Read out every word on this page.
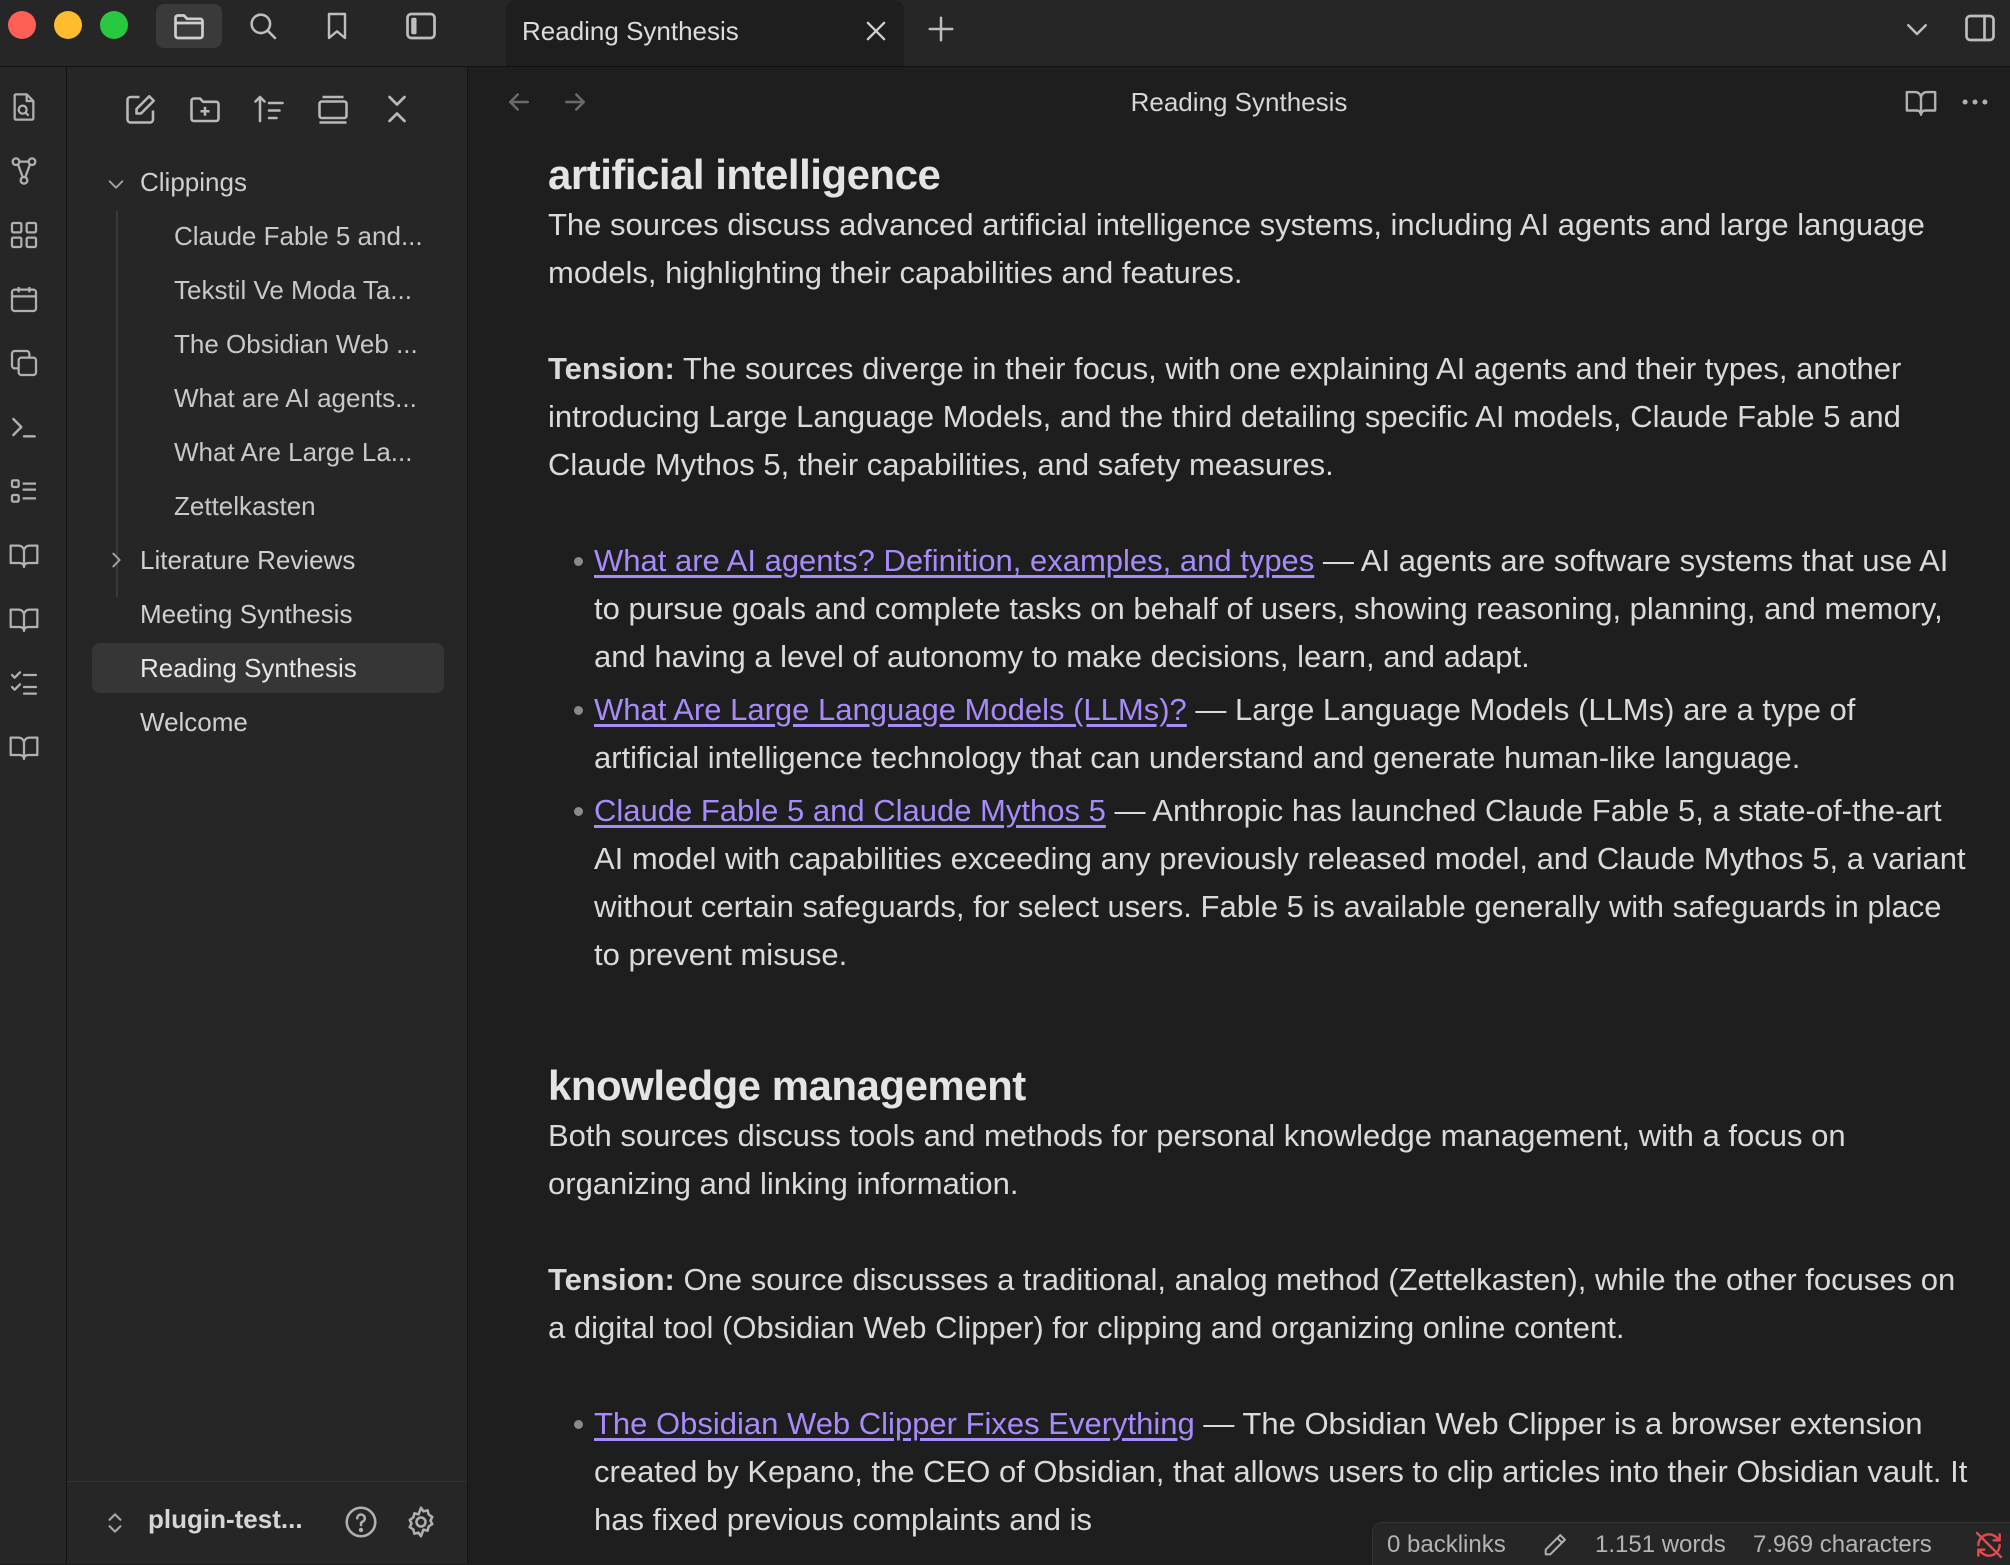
Reading Synthesis
Clippings
Claude Fable 5 and...
Tekstil Ve Moda Ta...
The Obsidian Web ...
What are AI agents...
What Are Large La...
Zettelkasten
Literature Reviews
Meeting Synthesis
Reading Synthesis
Welcome
plugin-test...
Reading Synthesis
artificial intelligence

The sources discuss advanced artificial intelligence systems, including AI agents and large language models, highlighting their capabilities and features.

Tension: The sources diverge in their focus, with one explaining AI agents and their types, another introducing Large Language Models, and the third detailing specific AI models, Claude Fable 5 and Claude Mythos 5, their capabilities, and safety measures.

What are AI agents? Definition, examples, and types — AI agents are software systems that use AI to pursue goals and complete tasks on behalf of users, showing reasoning, planning, and memory, and having a level of autonomy to make decisions, learn, and adapt.
What Are Large Language Models (LLMs)? — Large Language Models (LLMs) are a type of artificial intelligence technology that can understand and generate human-like language.
Claude Fable 5 and Claude Mythos 5 — Anthropic has launched Claude Fable 5, a state-of-the-art AI model with capabilities exceeding any previously released model, and Claude Mythos 5, a variant without certain safeguards, for select users. Fable 5 is available generally with safeguards in place to prevent misuse.
knowledge management

Both sources discuss tools and methods for personal knowledge management, with a focus on organizing and linking information.

Tension: One source discusses a traditional, analog method (Zettelkasten), while the other focuses on a digital tool (Obsidian Web Clipper) for clipping and organizing online content.

The Obsidian Web Clipper Fixes Everything — The Obsidian Web Clipper is a browser extension created by Kepano, the CEO of Obsidian, that allows users to clip articles into their Obsidian vault. It has fixed previous complaints and is
0 backlinks	1.151 words 7.969 characters
